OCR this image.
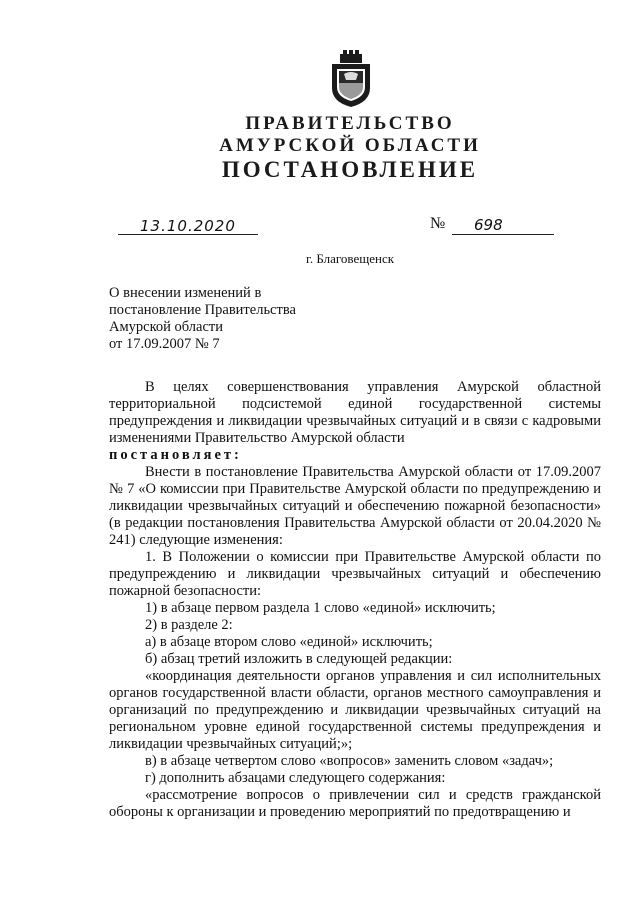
ПРАВИТЕЛЬСТВО
АМУРСКОЙ ОБЛАСТИ
ПОСТАНОВЛЕНИЕ
13.10.2020	№ 698
г. Благовещенск
О внесении изменений в
постановление Правительства
Амурской области
от 17.09.2007 № 7

В целях совершенствования управления Амурской областной территориальной подсистемой единой государственной системы предупреждения и ликвидации чрезвычайных ситуаций и в связи с кадровыми изменениями Правительство Амурской области

постановляет:

Внести в постановление Правительства Амурской области от 17.09.2007 № 7 «О комиссии при Правительстве Амурской области по предупреждению и ликвидации чрезвычайных ситуаций и обеспечению пожарной безопасности» (в редакции постановления Правительства Амурской области от 20.04.2020 № 241) следующие изменения:

1. В Положении о комиссии при Правительстве Амурской области по предупреждению и ликвидации чрезвычайных ситуаций и обеспечению пожарной безопасности:

1) в абзаце первом раздела 1 слово «единой» исключить;

2) в разделе 2:

а) в абзаце втором слово «единой» исключить;

б) абзац третий изложить в следующей редакции:

«координация деятельности органов управления и сил исполнительных органов государственной власти области, органов местного самоуправления и организаций по предупреждению и ликвидации чрезвычайных ситуаций на региональном уровне единой государственной системы предупреждения и ликвидации чрезвычайных ситуаций;»;

в) в абзаце четвертом слово «вопросов» заменить словом «задач»;

г) дополнить абзацами следующего содержания:

«рассмотрение вопросов о привлечении сил и средств гражданской обороны к организации и проведению мероприятий по предотвращению и
